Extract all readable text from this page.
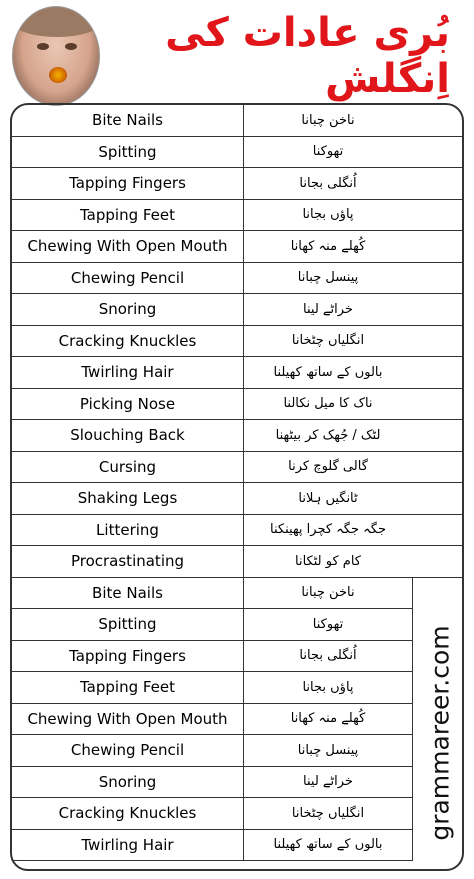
بُری عادات کی اِنگلش
Bite Nails	ناخن چبانا
Spitting	تھوکنا
Tapping Fingers	اُنگلی بجانا
Tapping Feet	پاؤں بجانا
Chewing With Open Mouth	کُھلے منہ کھانا
Chewing Pencil	پینسل چبانا
Snoring	خراٹے لینا
Cracking Knuckles	انگلیاں چٹخانا
Twirling Hair	بالوں کے ساتھ کھیلنا
Picking Nose	ناک کا میل نکالنا
Slouching Back	لٹک / جُھک کر بیٹھنا
Cursing	گالی گلوچ کرنا
Shaking Legs	ٹانگیں ہلانا
Littering	جگہ جگہ کچرا پھینکنا
Procrastinating	کام کو لٹکانا
Bite Nails	ناخن چبانا
Spitting	تھوکنا
Tapping Fingers	اُنگلی بجانا
Tapping Feet	پاؤں بجانا
Chewing With Open Mouth	کُھلے منہ کھانا
Chewing Pencil	پینسل چبانا
Snoring	خراٹے لینا
Cracking Knuckles	انگلیاں چٹخانا
Twirling Hair	بالوں کے ساتھ کھیلنا
grammareer.com
